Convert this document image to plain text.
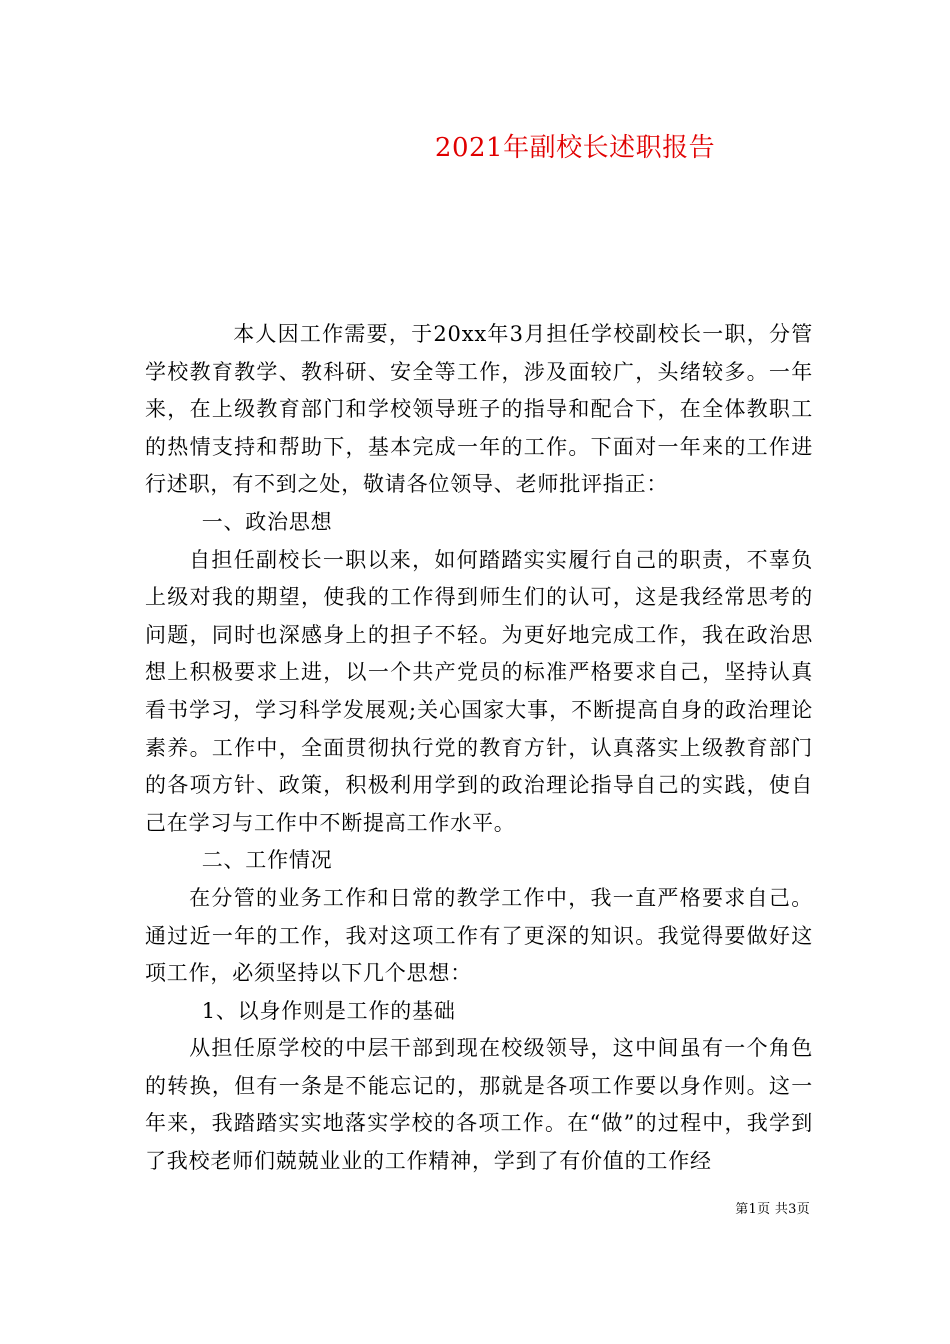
2021年副校长述职报告

本人因工作需要，于20xx年3月担任学校副校长一职，分管学校教育教学、教科研、安全等工作，涉及面较广，头绪较多。一年来，在上级教育部门和学校领导班子的指导和配合下，在全体教职工的热情支持和帮助下，基本完成一年的工作。下面对一年来的工作进行述职，有不到之处，敬请各位领导、老师批评指正：

一、政治思想

自担任副校长一职以来，如何踏踏实实履行自己的职责，不辜负上级对我的期望，使我的工作得到师生们的认可，这是我经常思考的问题，同时也深感身上的担子不轻。为更好地完成工作，我在政治思想上积极要求上进，以一个共产党员的标准严格要求自己，坚持认真看书学习，学习科学发展观;关心国家大事，不断提高自身的政治理论素养。工作中，全面贯彻执行党的教育方针，认真落实上级教育部门的各项方针、政策，积极利用学到的政治理论指导自己的实践，使自己在学习与工作中不断提高工作水平。

二、工作情况

在分管的业务工作和日常的教学工作中，我一直严格要求自己。通过近一年的工作，我对这项工作有了更深的知识。我觉得要做好这项工作，必须坚持以下几个思想：

1、以身作则是工作的基础

从担任原学校的中层干部到现在校级领导，这中间虽有一个角色的转换，但有一条是不能忘记的，那就是各项工作要以身作则。这一年来，我踏踏实实地落实学校的各项工作。在“做”的过程中，我学到了我校老师们兢兢业业的工作精神，学到了有价值的工作经

第1页 共3页
